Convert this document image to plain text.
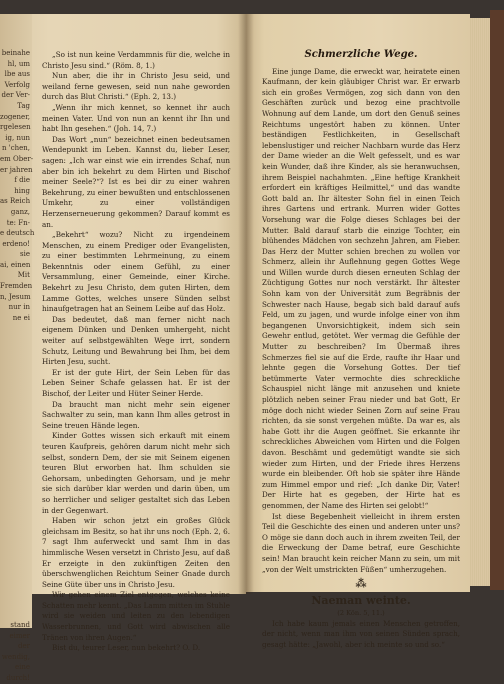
beinahe
hl, um
lbe aus
Verfolg
der Ver-
Tag
zogener,
rgelesen
ig, nun
n 'chen,
em Ober-
er jahren
f die
hing
as Reich
ganz,
te: Fn-
e deutsch
erdeno!
sie
ai, einen
Mit
Fremden
n, Jesum
nur in
ne ei

stand
eimer
der
wendig,
eine
durch!

„So ist nun keine Verdammnis für die, welche in Christo Jesu sind.“ (Röm. 8, 1.)

Nun aber, die ihr in Christo Jesu seid, und weiland ferne gewesen, seid nun nahe geworden durch das Blut Christi.“ (Eph. 2, 13.)

„Wenn ihr mich kennet, so kennet ihr auch meinen Vater. Und von nun an kennt ihr Ihn und habt Ihn gesehen.“ (Joh. 14, 7.)

Das Wort „nun“ bezeichnet einen bedeutsamen Wendepunkt im Leben. Kannst du, lieber Leser, sagen: „Ich war einst wie ein irrendes Schaf, nun aber bin ich bekehrt zu dem Hirten und Bischof meiner Seele?“? Ist es bei dir zu einer wahren Bekehrung, zu einer bewußten und entschlossenen Umkehr, zu einer vollständigen Herzenserneuerung gekommen? Darauf kommt es an.

„Bekehrt“ wozu? Nicht zu irgendeinem Menschen, zu einem Prediger oder Evangelisten, zu einer bestimmten Lehrmeinung, zu einem Bekenntnis oder einem Gefühl, zu einer Versammlung, einer Gemeinde, einer Kirche. Bekehrt zu Jesu Christo, dem guten Hirten, dem Lamme Gottes, welches unsere Sünden selbst hinaufgetragen hat an Seinem Leibe auf das Holz.

Das bedeutet, daß man ferner nicht nach eigenem Dünken und Denken umhergeht, nicht weiter auf selbstgewählten Wege irrt, sondern Schutz, Leitung und Bewahrung bei Ihm, bei dem Hirten Jesu, sucht.

Er ist der gute Hirt, der Sein Leben für das Leben Seiner Schafe gelassen hat. Er ist der Bischof, der Leiter und Hüter Seiner Herde.

Da braucht man nicht mehr sein eigener Sachwalter zu sein, man kann Ihm alles getrost in Seine treuen Hände legen.

Kinder Gottes wissen sich erkauft mit einem teuren Kaufpreis, gehören darum nicht mehr sich selbst, sondern Dem, der sie mit Seinem eigenen teuren Blut erworben hat. Ihm schulden sie Gehorsam, unbedingten Gehorsam, und je mehr sie sich darüber klar werden und darin üben, um so herrlicher und seliger gestaltet sich das Leben in der Gegenwart.

Haben wir schon jetzt ein großes Glück gleichsam im Besitz, so hat ihr uns noch (Eph. 2, 6. 7 sagt Ihm auferweckt und samt Ihm in das himmlische Wesen versetzt in Christo Jesu, auf daß Er erzeigte in den zukünftigen Zeiten den überschwenglichen Reichtum Seiner Gnade durch Seine Güte über uns in Christo Jesu.

Wir gehen einem Ziel entgegen, welches keine Schatten mehr kennt. „Das Lamm mitten im Stuhle wird sie weiden und leiten zu den lebendigen Wasserbrunnen, und Gott wird abwischen alle Tränen von ihren Augen.“

Bist du, teurer Leser, nun bekehrt? O. D.

Schmerzliche Wege.

Eine junge Dame, die erweckt war, heiratete einen Kaufmann, der kein gläubiger Christ war. Er erwarb sich ein großes Vermögen, zog sich dann von den Geschäften zurück und bezog eine prachtvolle Wohnung auf dem Lande, um dort den Genuß seines Reichtums ungestört haben zu können. Unter beständigen Festlichkeiten, in Gesellschaft lebenslustiger und reicher Nachbarn wurde das Herz der Dame wieder an die Welt gefesselt, und es war kein Wunder, daß ihre Kinder, als sie heranwuchsen, ihrem Beispiel nachahmten. „Eine heftige Krankheit erfordert ein kräftiges Heilmittel,“ und das wandte Gott bald an. Ihr ältester Sohn fiel in einen Teich ihres Gartens und ertrank. Murren wider Gottes Vorsehung war die Folge dieses Schlages bei der Mutter. Bald darauf starb die einzige Tochter, ein blühendes Mädchen von sechzehn Jahren, am Fieber. Das Herz der Mutter schien brechen zu wollen vor Schmerz, allein ihr Auflehnung gegen Gottes Wege und Willen wurde durch diesen erneuten Schlag der Züchtigung Gottes nur noch verstärkt. Ihr ältester Sohn kam von der Universität zum Begräbnis der Schwester nach Hause, begab sich bald darauf aufs Feld, um zu jagen, und wurde infolge einer von ihm begangenen Unvorsichtigkeit, indem sich sein Gewehr entlud, getötet. Wer vermag die Gefühle der Mutter zu beschreiben? Im Übermaß ihres Schmerzes fiel sie auf die Erde, raufte ihr Haar und lehnte gegen die Vorsehung Gottes. Der tief betümmerte Vater vermochte dies schreckliche Schauspiel nicht länge mit anzusehen und kniete plötzlich neben seiner Frau nieder und bat Gott, Er möge doch nicht wieder Seinen Zorn auf seine Frau richten, da sie sonst vergehen müßte. Da war es, als habe Gott ihr die Augen geöffnet. Sie erkannte ihr schreckliches Abweichen vom Hirten und die Folgen davon. Beschämt und gedemütigt wandte sie sich wieder zum Hirten, und der Friede ihres Herzens wurde ein bleibender. Oft hob sie später ihre Hände zum Himmel empor und rief: „Ich danke Dir, Vater! Der Hirte hat es gegeben, der Hirte hat es genommen, der Name des Hirten sei gelobt!“

Ist diese Begebenheit vielleicht in ihrem ersten Teil die Geschichte des einen und anderen unter uns? O möge sie dann doch auch in ihrem zweiten Teil, der die Erweckung der Dame betraf, eure Geschichte sein! Man braucht kein reicher Mann zu sein, um mit „von der Welt umstrickten Füßen“ umherzugehen.

⁂
Naeman weinte.
(2 Kön. 5, 11.)

Ich habe kaum jemals einen Menschen getroffen, der nicht, wenn man ihm von seinen Sünden sprach, gesagt hätte: „Jawohl, aber ich meinte so und so.“
